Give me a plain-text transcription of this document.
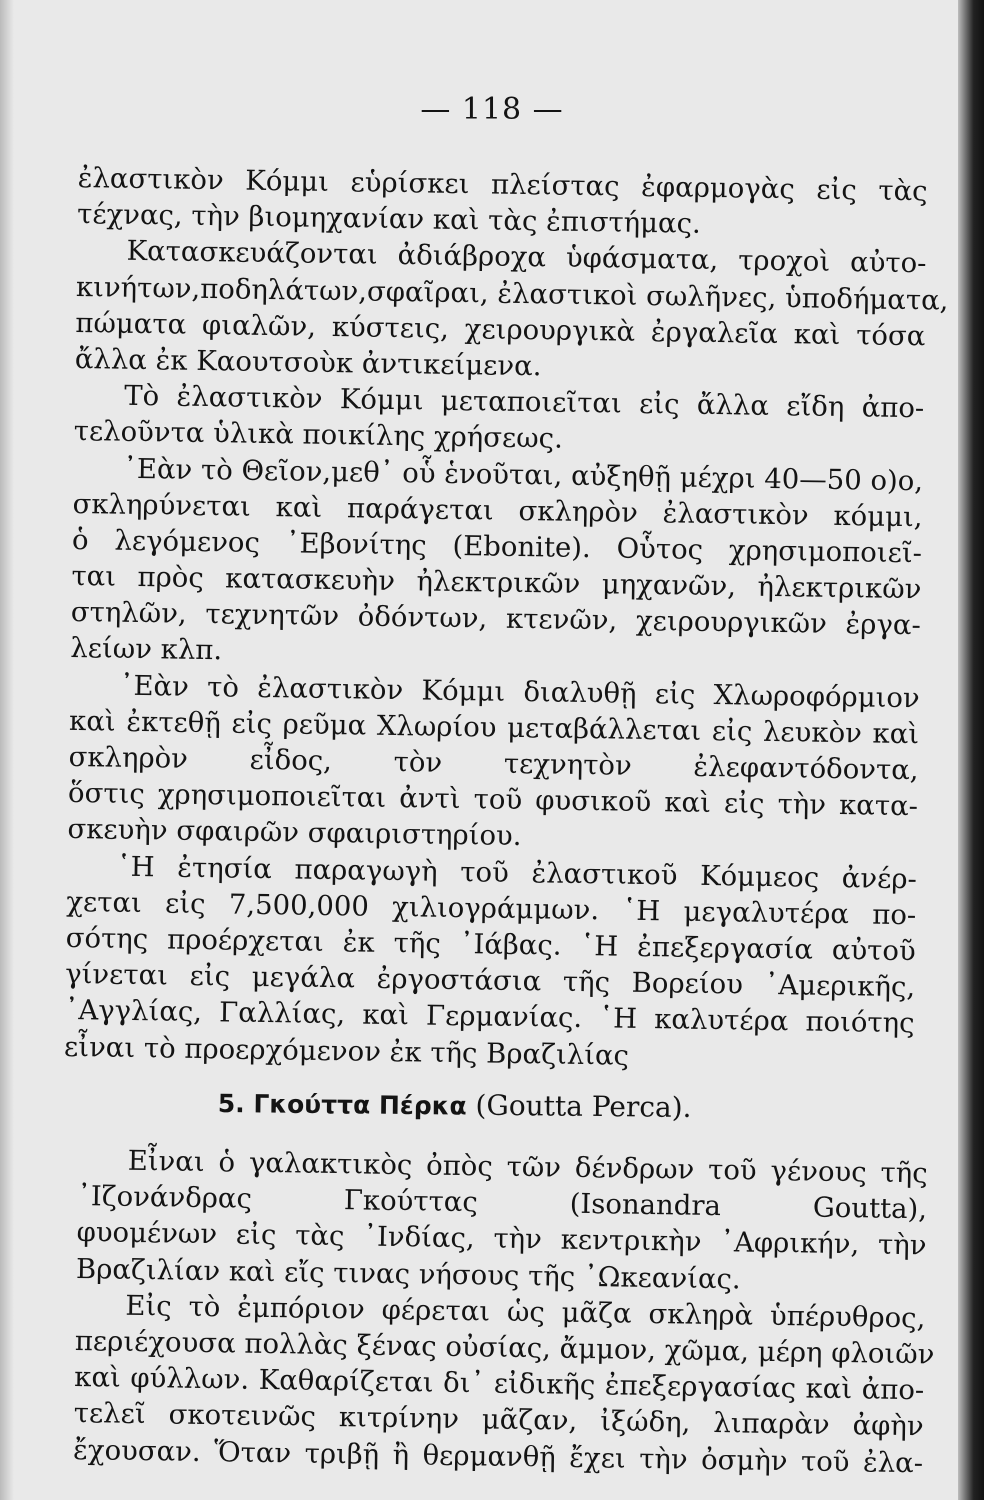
— 118 —
ἐλαστικὸν Κόμμι εὑρίσκει πλείστας ἐφαρμογὰς εἰς τὰς
τέχνας, τὴν βιομηχανίαν καὶ τὰς ἐπιστήμας.
Κατασκευάζονται ἀδιάβροχα ὑφάσματα, τροχοὶ αὐτο-
κινήτων,ποδηλάτων,σφαῖραι, ἐλαστικοὶ σωλῆνες, ὑποδήματα,
πώματα φιαλῶν, κύστεις, χειρουργικὰ ἐργαλεῖα καὶ τόσα
ἄλλα ἐκ Καουτσοὺκ ἀντικείμενα.
Τὸ ἐλαστικὸν Κόμμι μεταποιεῖται εἰς ἄλλα εἴδη ἀπο-
τελοῦντα ὑλικὰ ποικίλης χρήσεως.
᾿Εὰν τὸ Θεῖον,μεθ᾿ οὗ ἑνοῦται, αὐξηθῇ μέχρι 40—50 ο)ο,
σκληρύνεται καὶ παράγεται σκληρὸν ἐλαστικὸν κόμμι,
ὁ λεγόμενος ᾿Εβονίτης (Ebonite). Οὗτος χρησιμοποιεῖ-
ται πρὸς κατασκευὴν ἠλεκτρικῶν μηχανῶν, ἠλεκτρικῶν
στηλῶν, τεχνητῶν ὀδόντων, κτενῶν, χειρουργικῶν ἐργα-
λείων κλπ.
᾿Εὰν τὸ ἐλαστικὸν Κόμμι διαλυθῇ εἰς Χλωροφόρμιον
καὶ ἐκτεθῇ εἰς ρεῦμα Χλωρίου μεταβάλλεται εἰς λευκὸν καὶ
σκληρὸν εἶδος, τὸν τεχνητὸν ἐλεφαντόδοντα,
ὅστις χρησιμοποιεῖται ἀντὶ τοῦ φυσικοῦ καὶ εἰς τὴν κατα-
σκευὴν σφαιρῶν σφαιριστηρίου.
῾Η ἐτησία παραγωγὴ τοῦ ἐλαστικοῦ Κόμμεος ἀνέρ-
χεται εἰς 7,500,000 χιλιογράμμων. ῾Η μεγαλυτέρα πο-
σότης προέρχεται ἐκ τῆς ᾿Ιάβας. ῾Η ἐπεξεργασία αὐτοῦ
γίνεται εἰς μεγάλα ἐργοστάσια τῆς Βορείου ᾿Αμερικῆς,
᾿Αγγλίας, Γαλλίας, καὶ Γερμανίας. ῾Η καλυτέρα ποιότης
εἶναι τὸ προερχόμενον ἐκ τῆς Βραζιλίας
5. Γκούττα Πέρκα (Goutta Perca).
Εἶναι ὁ γαλακτικὸς ὀπὸς τῶν δένδρων τοῦ γένους τῆς
᾿Ιζονάνδρας Γκούττας (Isonandra Goutta),
φυομένων εἰς τὰς ᾿Ινδίας, τὴν κεντρικὴν ᾿Αφρικήν, τὴν
Βραζιλίαν καὶ εἴς τινας νήσους τῆς ᾿Ωκεανίας.
Εἰς τὸ ἐμπόριον φέρεται ὡς μᾶζα σκληρὰ ὑπέρυθρος,
περιέχουσα πολλὰς ξένας οὐσίας, ἄμμον, χῶμα, μέρη φλοιῶν
καὶ φύλλων. Καθαρίζεται δι᾿ εἰδικῆς ἐπεξεργασίας καὶ ἀπο-
τελεῖ σκοτεινῶς κιτρίνην μᾶζαν, ἰξώδη, λιπαρὰν ἀφὴν
ἔχουσαν. Ὅταν τριβῇ ἢ θερμανθῇ ἔχει τὴν ὀσμὴν τοῦ ἐλα-
